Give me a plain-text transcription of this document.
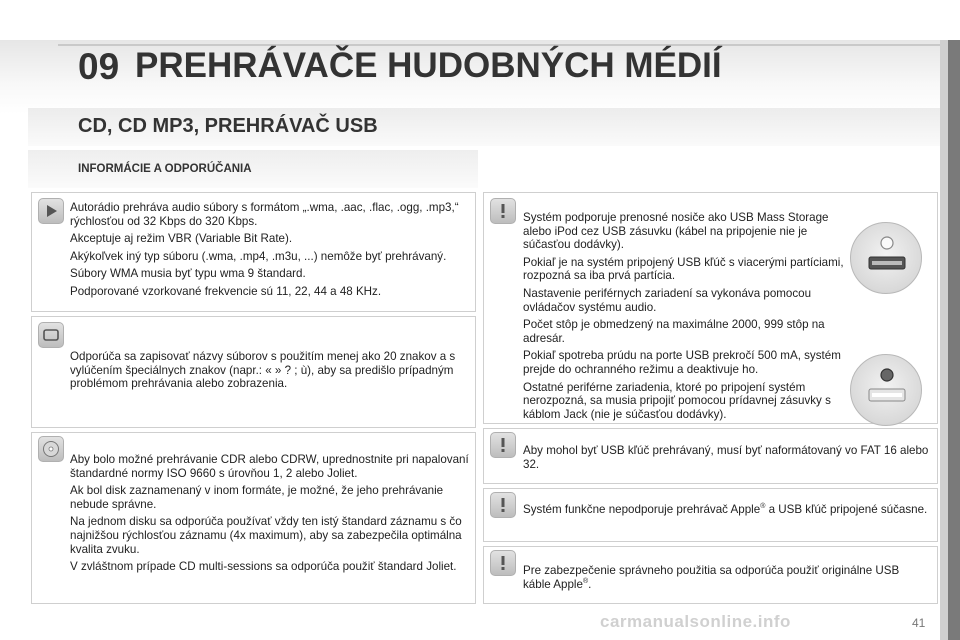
09 PREHRÁVAČE HUDOBNÝCH MÉDIÍ
CD, CD MP3, PREHRÁVAČ USB
INFORMÁCIE A ODPORÚČANIA

Autorádio prehráva audio súbory s formátom „.wma, .aac, .flac, .ogg, .mp3,“ rýchlosťou od 32 Kbps do 320 Kbps.

Akceptuje aj režim VBR (Variable Bit Rate).

Akýkoľvek iný typ súboru (.wma, .mp4, .m3u, ...) nemôže byť prehrávaný.

Súbory WMA musia byť typu wma 9 štandard.

Podporované vzorkované frekvencie sú 11, 22, 44 a 48 KHz.

Odporúča sa zapisovať názvy súborov s použitím menej ako 20 znakov a s vylúčením špeciálnych znakov (napr.: « » ? ; ù), aby sa predišlo prípadným problémom prehrávania alebo zobrazenia.

Aby bolo možné prehrávanie CDR alebo CDRW, uprednostnite pri napalovaní štandardné normy ISO 9660 s úrovňou 1, 2 alebo Joliet.

Ak bol disk zaznamenaný v inom formáte, je možné, že jeho prehrávanie nebude správne.

Na jednom disku sa odporúča používať vždy ten istý štandard záznamu s čo najnižšou rýchlosťou záznamu (4x maximum), aby sa zabezpečila optimálna kvalita zvuku.

V zvláštnom prípade CD multi-sessions sa odporúča použiť štandard Joliet.

Systém podporuje prenosné nosiče ako USB Mass Storage alebo iPod cez USB zásuvku (kábel na pripojenie nie je súčasťou dodávky).

Pokiaľ je na systém pripojený USB kľúč s viacerými partíciami, rozpozná sa iba prvá partícia.

Nastavenie periférnych zariadení sa vykonáva pomocou ovládačov systému audio.

Počet stôp je obmedzený na maximálne 2000, 999 stôp na adresár.

Pokiaľ spotreba prúdu na porte USB prekročí 500 mA, systém prejde do ochranného režimu a deaktivuje ho.

Ostatné periférne zariadenia, ktoré po pripojení systém nerozpozná, sa musia pripojiť pomocou prídavnej zásuvky s káblom Jack (nie je súčasťou dodávky).

Aby mohol byť USB kľúč prehrávaný, musí byť naformátovaný vo FAT 16 alebo 32.

Systém funkčne nepodporuje prehrávač Apple® a USB kľúč pripojené súčasne.

Pre zabezpečenie správneho použitia sa odporúča použiť originálne USB káble Apple®.

carmanualsonline.info	41
